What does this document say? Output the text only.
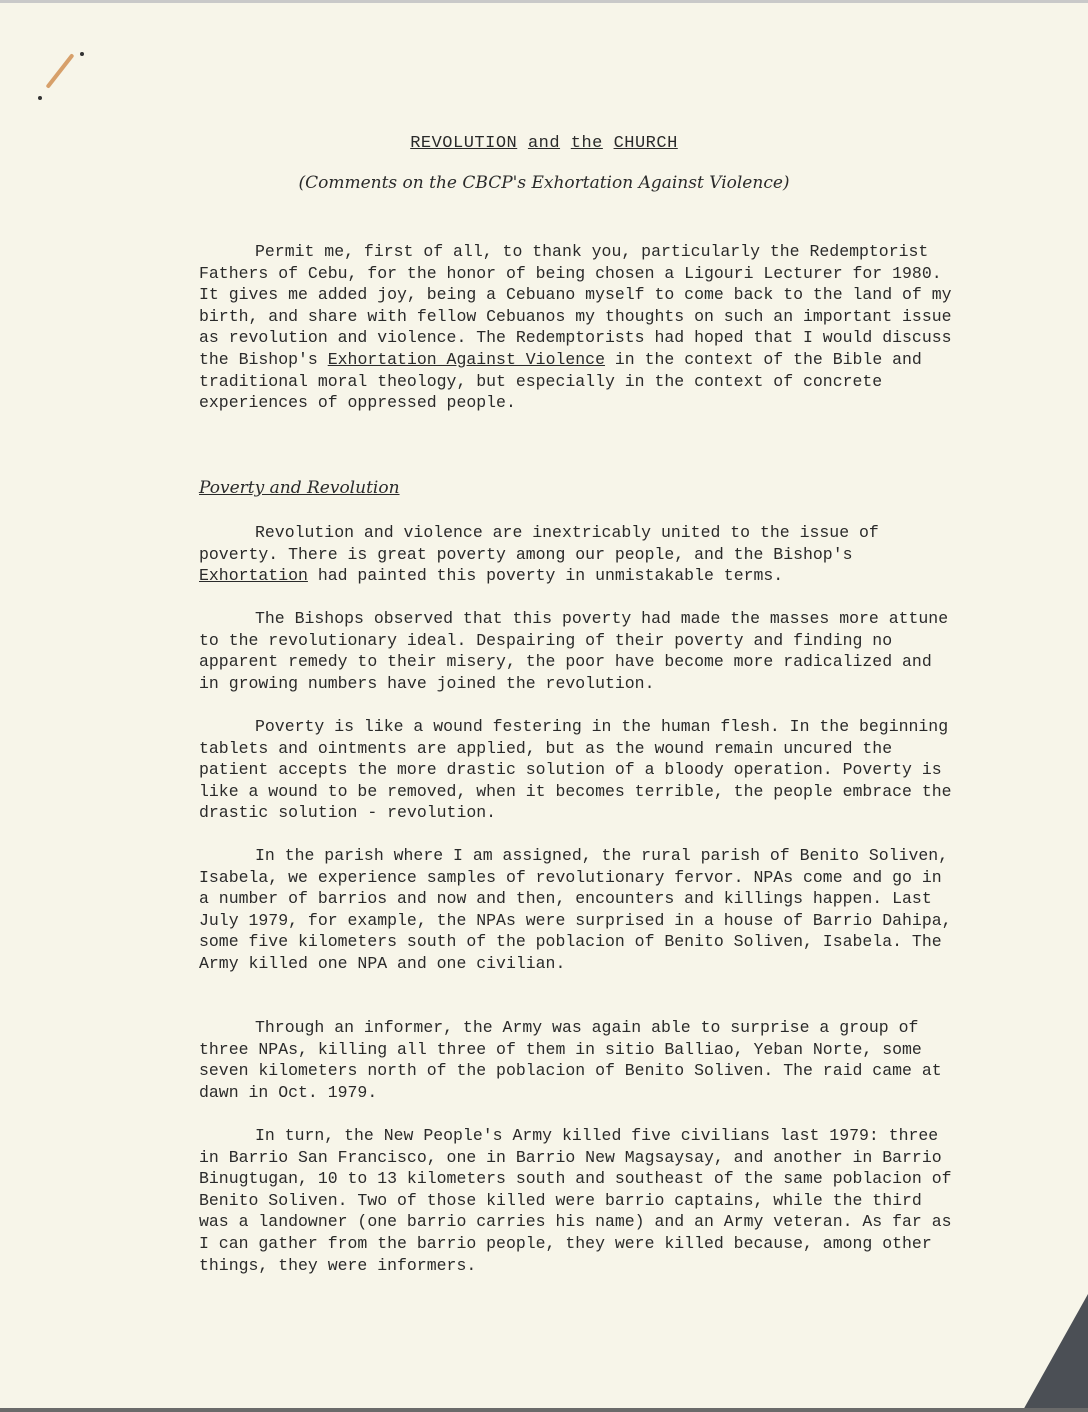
REVOLUTION and the CHURCH
(Comments on the CBCP's Exhortation Against Violence)
Permit me, first of all, to thank you, particularly the Redemptorist Fathers of Cebu, for the honor of being chosen a Ligouri Lecturer for 1980. It gives me added joy, being a Cebuano myself to come back to the land of my birth, and share with fellow Cebuanos my thoughts on such an important issue as revolution and violence. The Redemptorists had hoped that I would discuss the Bishop's Exhortation Against Violence in the context of the Bible and traditional moral theology, but especially in the context of concrete experiences of oppressed people.
Poverty and Revolution
Revolution and violence are inextricably united to the issue of poverty. There is great poverty among our people, and the Bishop's Exhortation had painted this poverty in unmistakable terms.
The Bishops observed that this poverty had made the masses more attune to the revolutionary ideal. Despairing of their poverty and finding no apparent remedy to their misery, the poor have become more radicalized and in growing numbers have joined the revolution.
Poverty is like a wound festering in the human flesh. In the beginning tablets and ointments are applied, but as the wound remain uncured the patient accepts the more drastic solution of a bloody operation. Poverty is like a wound to be removed, when it becomes terrible, the people embrace the drastic solution - revolution.
In the parish where I am assigned, the rural parish of Benito Soliven, Isabela, we experience samples of revolutionary fervor. NPAs come and go in a number of barrios and now and then, encounters and killings happen. Last July 1979, for example, the NPAs were surprised in a house of Barrio Dahipa, some five kilometers south of the poblacion of Benito Soliven, Isabela. The Army killed one NPA and one civilian.
Through an informer, the Army was again able to surprise a group of three NPAs, killing all three of them in sitio Balliao, Yeban Norte, some seven kilometers north of the poblacion of Benito Soliven. The raid came at dawn in Oct. 1979.
In turn, the New People's Army killed five civilians last 1979: three in Barrio San Francisco, one in Barrio New Magsaysay, and another in Barrio Binugtugan, 10 to 13 kilometers south and southeast of the same poblacion of Benito Soliven. Two of those killed were barrio captains, while the third was a landowner (one barrio carries his name) and an Army veteran. As far as I can gather from the barrio people, they were killed because, among other things, they were informers.
